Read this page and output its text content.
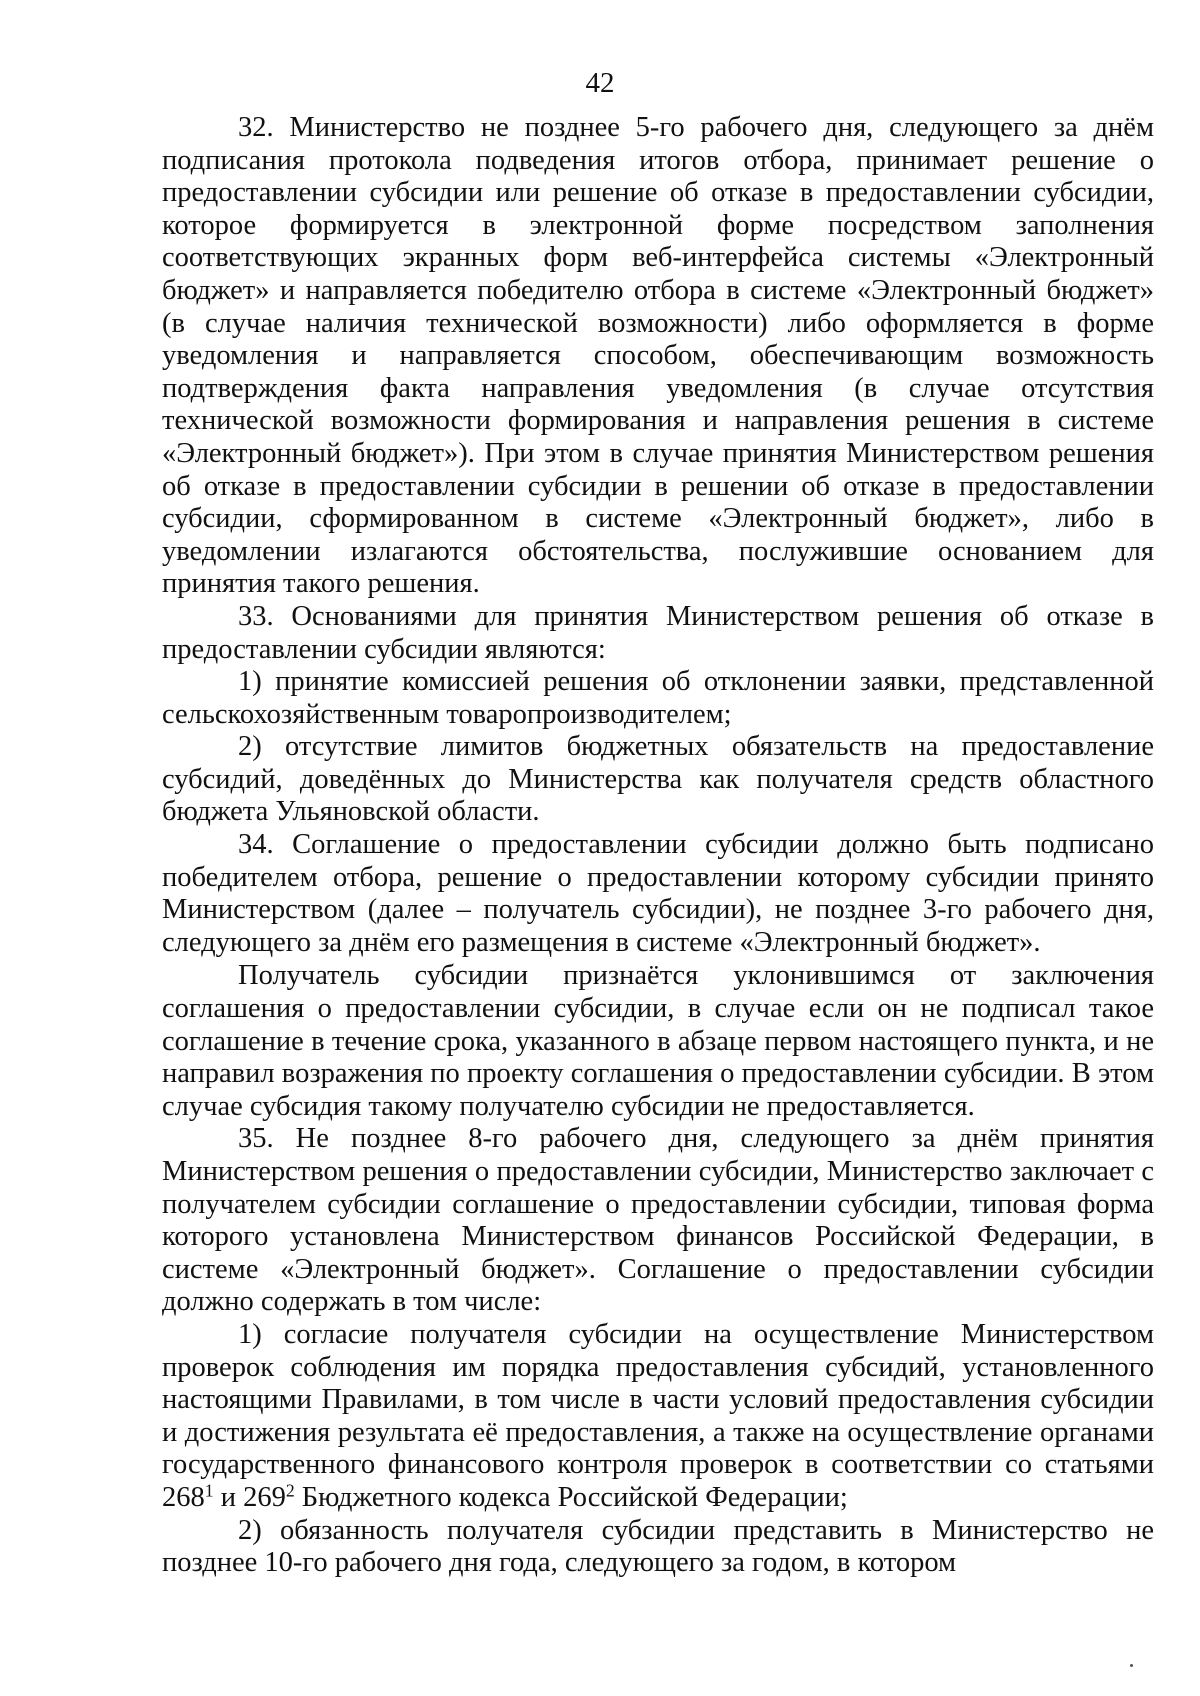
42

32. Министерство не позднее 5-го рабочего дня, следующего за днём подписания протокола подведения итогов отбора, принимает решение о предоставлении субсидии или решение об отказе в предоставлении субсидии, которое формируется в электронной форме посредством заполнения соответствующих экранных форм веб-интерфейса системы «Электронный бюджет» и направляется победителю отбора в системе «Электронный бюджет» (в случае наличия технической возможности) либо оформляется в форме уведомления и направляется способом, обеспечивающим возможность подтверждения факта направления уведомления (в случае отсутствия технической возможности формирования и направления решения в системе «Электронный бюджет»). При этом в случае принятия Министерством решения об отказе в предоставлении субсидии в решении об отказе в предоставлении субсидии, сформированном в системе «Электронный бюджет», либо в уведомлении излагаются обстоятельства, послужившие основанием для принятия такого решения.

33. Основаниями для принятия Министерством решения об отказе в предоставлении субсидии являются:

1) принятие комиссией решения об отклонении заявки, представленной сельскохозяйственным товаропроизводителем;

2) отсутствие лимитов бюджетных обязательств на предоставление субсидий, доведённых до Министерства как получателя средств областного бюджета Ульяновской области.

34. Соглашение о предоставлении субсидии должно быть подписано победителем отбора, решение о предоставлении которому субсидии принято Министерством (далее – получатель субсидии), не позднее 3-го рабочего дня, следующего за днём его размещения в системе «Электронный бюджет».

Получатель субсидии признаётся уклонившимся от заключения соглашения о предоставлении субсидии, в случае если он не подписал такое соглашение в течение срока, указанного в абзаце первом настоящего пункта, и не направил возражения по проекту соглашения о предоставлении субсидии. В этом случае субсидия такому получателю субсидии не предоставляется.

35. Не позднее 8-го рабочего дня, следующего за днём принятия Министерством решения о предоставлении субсидии, Министерство заключает с получателем субсидии соглашение о предоставлении субсидии, типовая форма которого установлена Министерством финансов Российской Федерации, в системе «Электронный бюджет». Соглашение о предоставлении субсидии должно содержать в том числе:

1) согласие получателя субсидии на осуществление Министерством проверок соблюдения им порядка предоставления субсидий, установленного настоящими Правилами, в том числе в части условий предоставления субсидии и достижения результата её предоставления, а также на осуществление органами государственного финансового контроля проверок в соответствии со статьями $268^1$ и $269^2$ Бюджетного кодекса Российской Федерации;

2) обязанность получателя субсидии представить в Министерство не позднее 10-го рабочего дня года, следующего за годом, в котором
